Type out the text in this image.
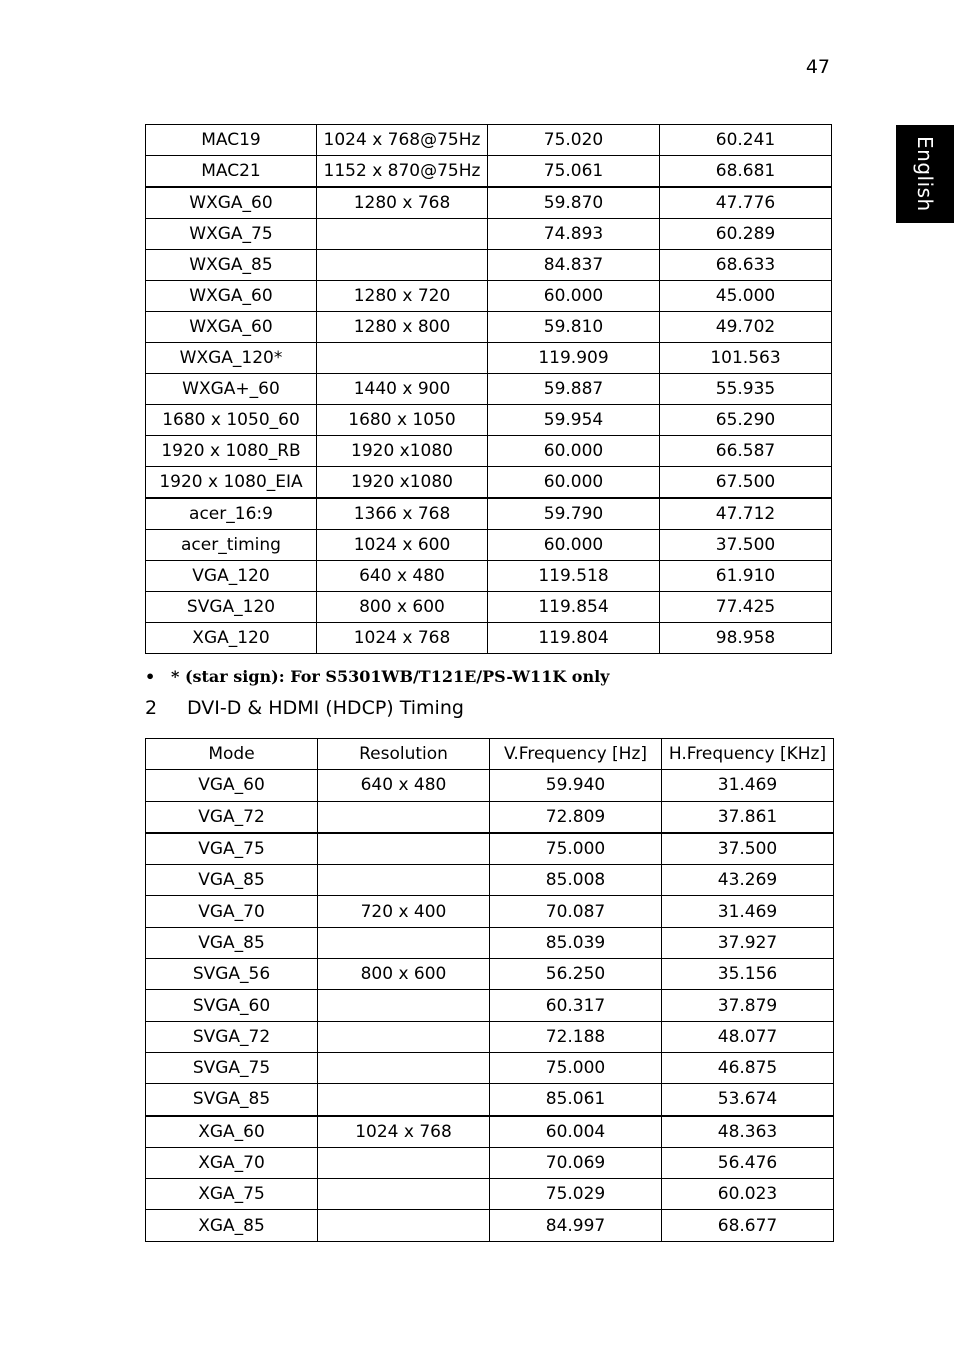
47
English
MAC19	1024 x 768@75Hz	75.020	60.241
MAC21	1152 x 870@75Hz	75.061	68.681
WXGA_60	1280 x 768	59.870	47.776
WXGA_75		74.893	60.289
WXGA_85		84.837	68.633
WXGA_60	1280 x 720	60.000	45.000
WXGA_60	1280 x 800	59.810	49.702
WXGA_120*		119.909	101.563
WXGA+_60	1440 x 900	59.887	55.935
1680 x 1050_60	1680 x 1050	59.954	65.290
1920 x 1080_RB	1920 x1080	60.000	66.587
1920 x 1080_EIA	1920 x1080	60.000	67.500
acer_16:9	1366 x 768	59.790	47.712
acer_timing	1024 x 600	60.000	37.500
VGA_120	640 x 480	119.518	61.910
SVGA_120	800 x 600	119.854	77.425
XGA_120	1024 x 768	119.804	98.958
• * (star sign): For S5301WB/T121E/PS-W11K only
2 DVI-D & HDMI (HDCP) Timing
Mode	Resolution	V.Frequency [Hz]	H.Frequency [KHz]
VGA_60	640 x 480	59.940	31.469
VGA_72		72.809	37.861
VGA_75		75.000	37.500
VGA_85		85.008	43.269
VGA_70	720 x 400	70.087	31.469
VGA_85		85.039	37.927
SVGA_56	800 x 600	56.250	35.156
SVGA_60		60.317	37.879
SVGA_72		72.188	48.077
SVGA_75		75.000	46.875
SVGA_85		85.061	53.674
XGA_60	1024 x 768	60.004	48.363
XGA_70		70.069	56.476
XGA_75		75.029	60.023
XGA_85		84.997	68.677
